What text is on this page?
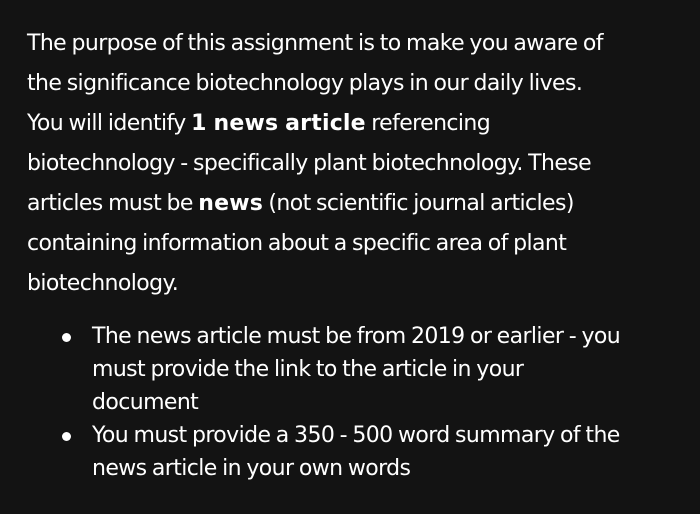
The purpose of this assignment is to make you aware of
the significance biotechnology plays in our daily lives.
You will identify 1 news article referencing
biotechnology - specifically plant biotechnology. These
articles must be news (not scientific journal articles)
containing information about a specific area of plant
biotechnology.

The news article must be from 2019 or earlier - you
must provide the link to the article in your
document
You must provide a 350 - 500 word summary of the
news article in your own words
